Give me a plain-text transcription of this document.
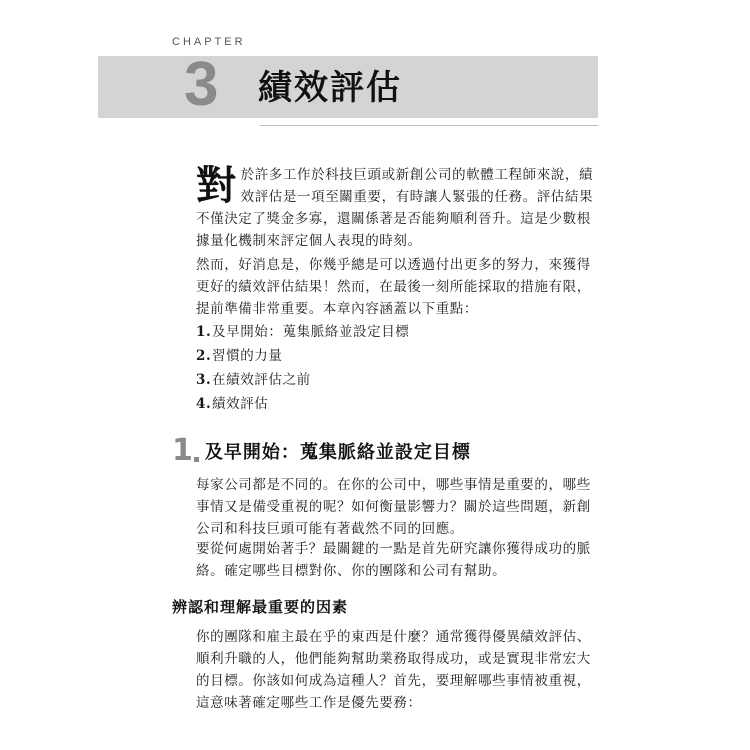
CHAPTER
3 績效評估

對於許多工作於科技巨頭或新創公司的軟體工程師來說，績效評估是一項至關重要，有時讓人緊張的任務。評估結果不僅決定了獎金多寡，還關係著是否能夠順利晉升。這是少數根據量化機制來評定個人表現的時刻。

然而，好消息是，你幾乎總是可以透過付出更多的努力，來獲得更好的績效評估結果！然而，在最後一刻所能採取的措施有限，提前準備非常重要。本章內容涵蓋以下重點：

1.及早開始：蒐集脈絡並設定目標
2.習慣的力量
3.在績效評估之前
4.績效評估
1 及早開始：蒐集脈絡並設定目標

每家公司都是不同的。在你的公司中，哪些事情是重要的，哪些事情又是備受重視的呢？如何衡量影響力？關於這些問題，新創公司和科技巨頭可能有著截然不同的回應。

要從何處開始著手？最關鍵的一點是首先研究讓你獲得成功的脈絡。確定哪些目標對你、你的團隊和公司有幫助。

辨認和理解最重要的因素

你的團隊和雇主最在乎的東西是什麼？通常獲得優異績效評估、順利升職的人，他們能夠幫助業務取得成功，或是實現非常宏大的目標。你該如何成為這種人？首先，要理解哪些事情被重視，這意味著確定哪些工作是優先要務：
